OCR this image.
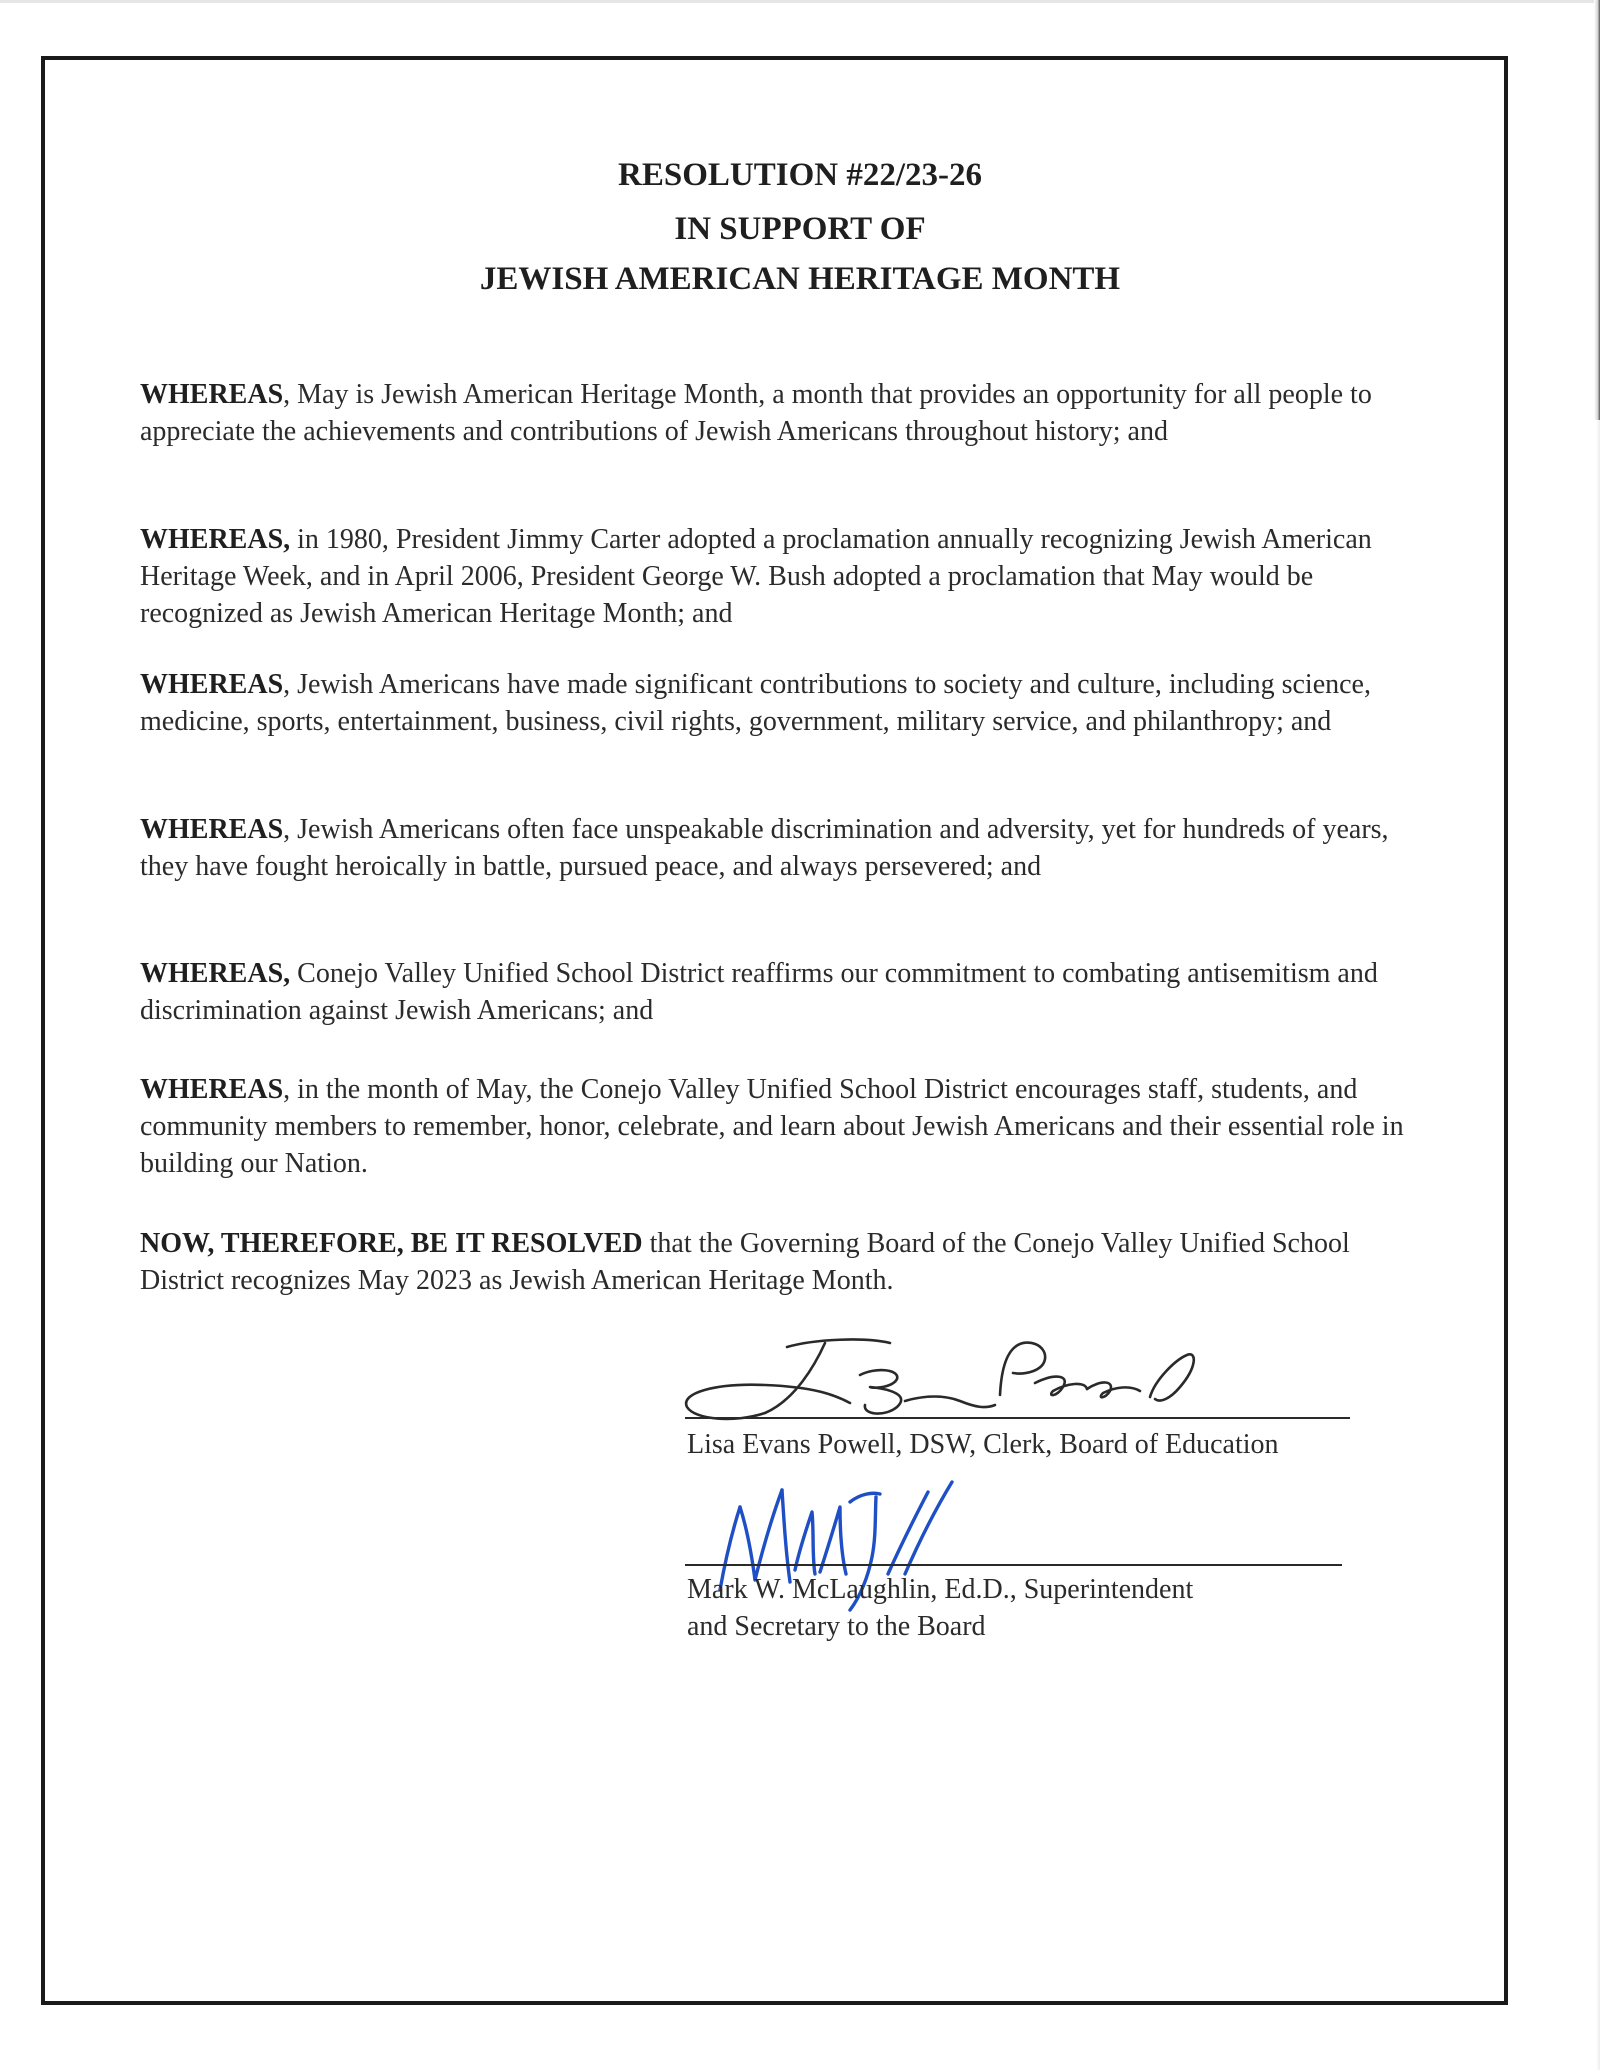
RESOLUTION #22/23-26
IN SUPPORT OF
JEWISH AMERICAN HERITAGE MONTH

WHEREAS, May is Jewish American Heritage Month, a month that provides an opportunity for all people to appreciate the achievements and contributions of Jewish Americans throughout history; and

WHEREAS, in 1980, President Jimmy Carter adopted a proclamation annually recognizing Jewish American Heritage Week, and in April 2006, President George W. Bush adopted a proclamation that May would be recognized as Jewish American Heritage Month; and

WHEREAS, Jewish Americans have made significant contributions to society and culture, including science, medicine, sports, entertainment, business, civil rights, government, military service, and philanthropy; and

WHEREAS, Jewish Americans often face unspeakable discrimination and adversity, yet for hundreds of years, they have fought heroically in battle, pursued peace, and always persevered; and

WHEREAS, Conejo Valley Unified School District reaffirms our commitment to combating antisemitism and discrimination against Jewish Americans; and

WHEREAS, in the month of May, the Conejo Valley Unified School District encourages staff, students, and community members to remember, honor, celebrate, and learn about Jewish Americans and their essential role in building our Nation.

NOW, THEREFORE, BE IT RESOLVED that the Governing Board of the Conejo Valley Unified School District recognizes May 2023 as Jewish American Heritage Month.

Lisa Evans Powell, DSW, Clerk, Board of Education
Mark W. McLaughlin, Ed.D., Superintendent
and Secretary to the Board
